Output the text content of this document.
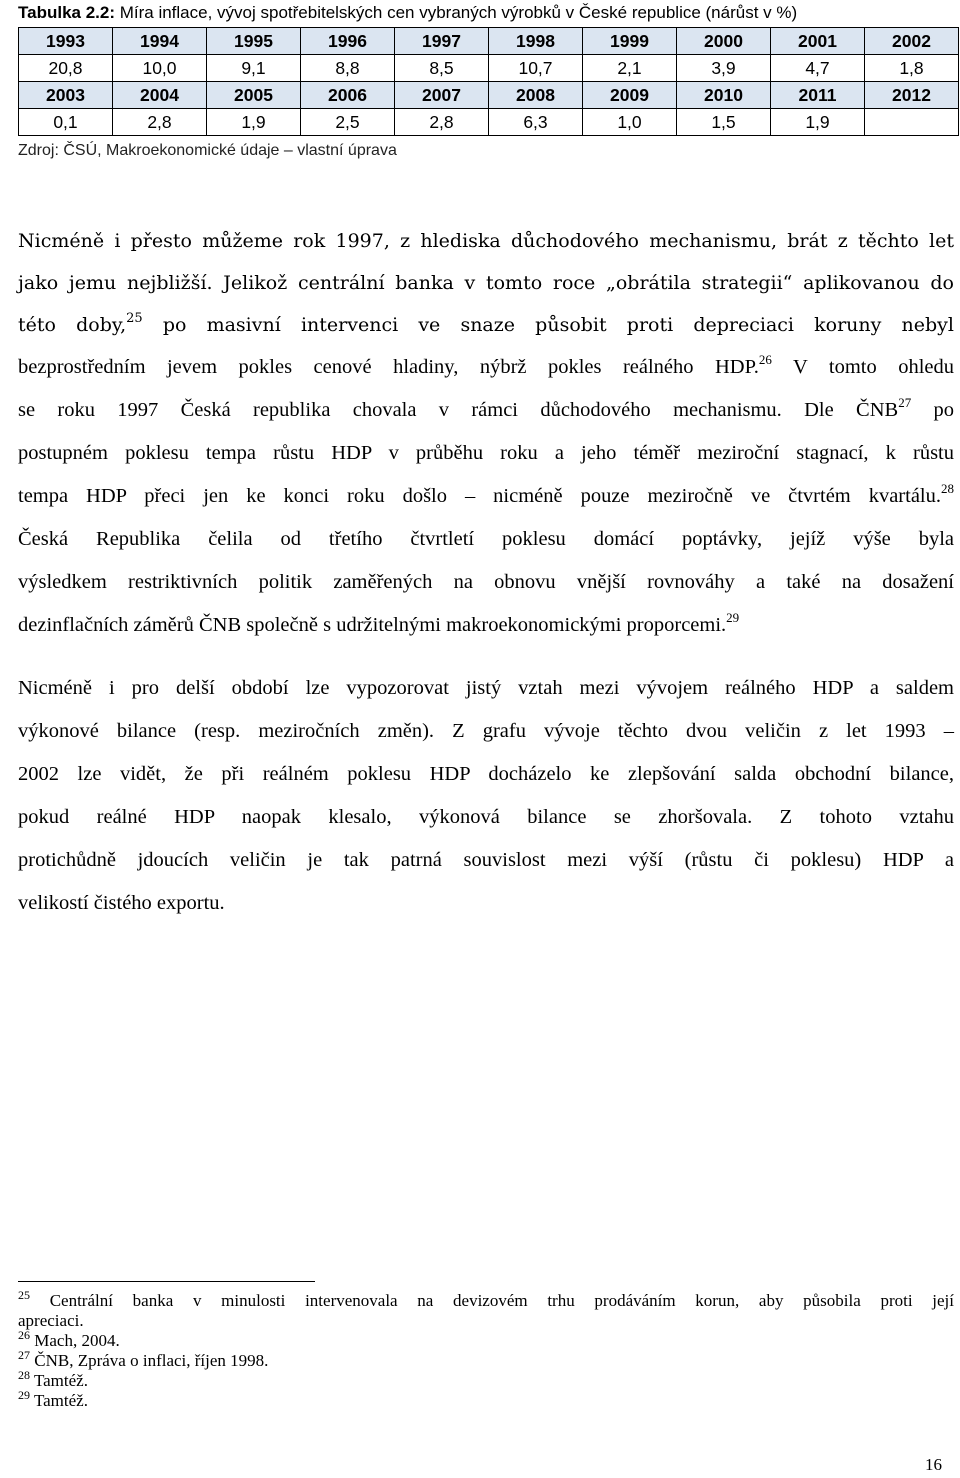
Tabulka 2.2: Míra inflace, vývoj spotřebitelských cen vybraných výrobků v České republice (nárůst v %)
1993	1994	1995	1996	1997	1998	1999	2000	2001	2002
20,8	10,0	9,1	8,8	8,5	10,7	2,1	3,9	4,7	1,8
2003	2004	2005	2006	2007	2008	2009	2010	2011	2012
0,1	2,8	1,9	2,5	2,8	6,3	1,0	1,5	1,9	
Zdroj: ČSÚ, Makroekonomické údaje – vlastní úprava
Nicméně i přesto můžeme rok 1997, z hlediska důchodového mechanismu, brát z těchto let
jako jemu nejbližší. Jelikož centrální banka v tomto roce „obrátila strategii“ aplikovanou do
této doby,$^{25}$ po masivní intervenci ve snaze působit proti depreciaci koruny nebyl
bezprostředním jevem pokles cenové hladiny, nýbrž pokles reálného HDP.$^{26}$ V tomto ohledu
se roku 1997 Česká republika chovala v rámci důchodového mechanismu. Dle ČNB$^{27}$ po
postupném poklesu tempa růstu HDP v průběhu roku a jeho téměř meziroční stagnací, k růstu
tempa HDP přeci jen ke konci roku došlo – nicméně pouze meziročně ve čtvrtém kvartálu.$^{28}$
Česká Republika čelila od třetího čtvrtletí poklesu domácí poptávky, jejíž výše byla
výsledkem restriktivních politik zaměřených na obnovu vnější rovnováhy a také na dosažení
dezinflačních záměrů ČNB společně s udržitelnými makroekonomickými proporcemi.$^{29}$
Nicméně i pro delší období lze vypozorovat jistý vztah mezi vývojem reálného HDP a saldem
výkonové bilance (resp. meziročních změn). Z grafu vývoje těchto dvou veličin z let 1993 –
2002 lze vidět, že při reálném poklesu HDP docházelo ke zlepšování salda obchodní bilance,
pokud reálné HDP naopak klesalo, výkonová bilance se zhoršovala. Z tohoto vztahu
protichůdně jdoucích veličin je tak patrná souvislost mezi výší (růstu či poklesu) HDP a
velikostí čistého exportu.
$^{25}$ Centrální banka v minulosti intervenovala na devizovém trhu prodáváním korun, aby působila proti její
apreciaci.
$^{26}$ Mach, 2004.
$^{27}$ ČNB, Zpráva o inflaci, říjen 1998.
$^{28}$ Tamtéž.
$^{29}$ Tamtéž.
16
